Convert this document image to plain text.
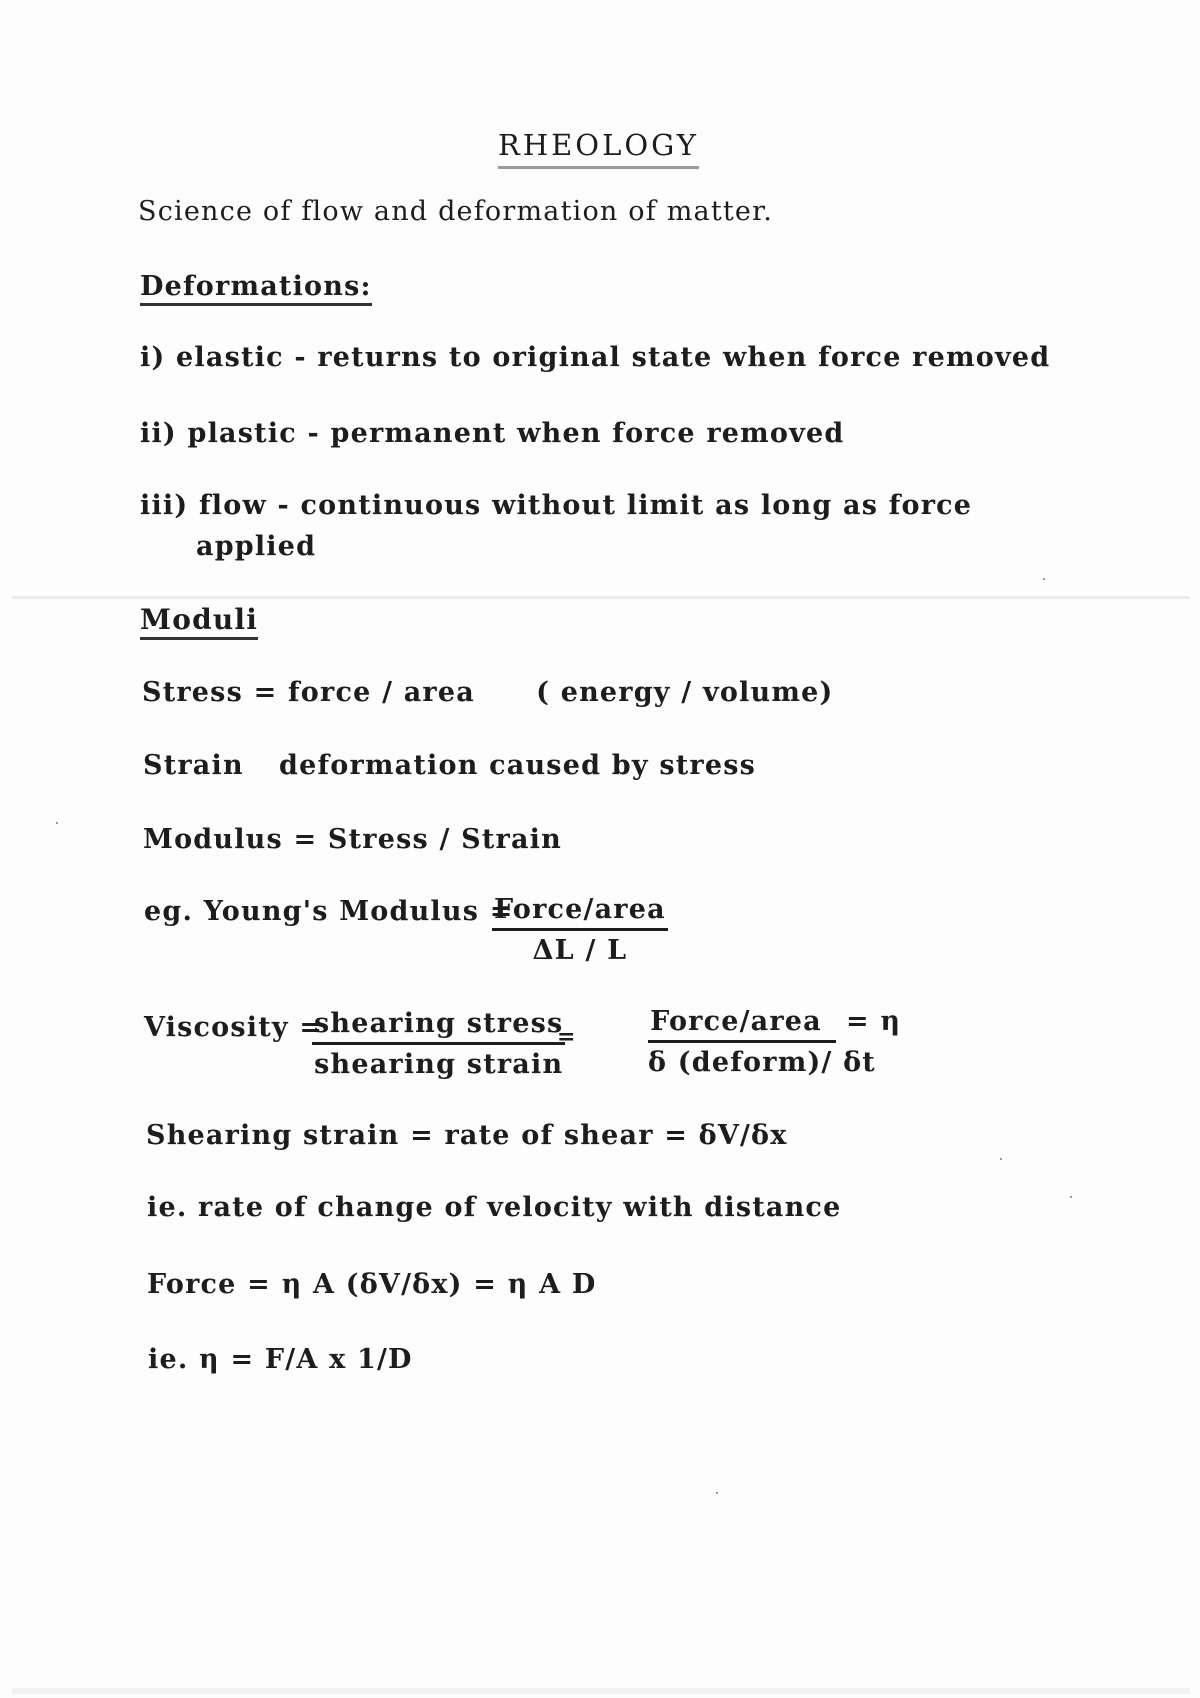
RHEOLOGY
Science of flow and deformation of matter.
Deformations:
i) elastic - returns to original state when force removed
ii) plastic - permanent when force removed
iii) flow - continuous without limit as long as force
applied
Moduli
Stress = force / area ( energy / volume)
Strain deformation caused by stress
Modulus = Stress / Strain
eg. Young's Modulus =
Force/area
ΔL / L
Viscosity =
shearing stress
shearing strain
=	Force/area
δ (deform)/ δt
= η
Shearing strain = rate of shear = δV/δx
ie. rate of change of velocity with distance
Force = η A (δV/δx) = η A D
ie. η = F/A x 1/D
